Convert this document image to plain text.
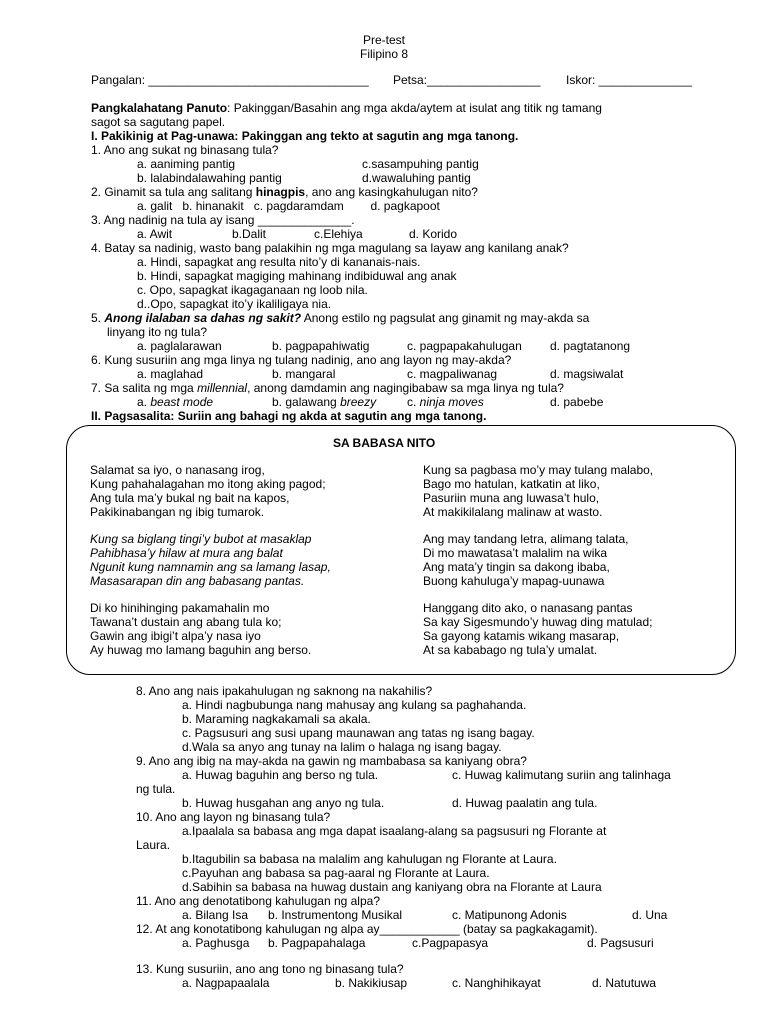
Pre-test
Filipino 8
Pangalan: _________________________________ Petsa:_________________ Iskor: ______________
Pangkalahatang Panuto: Pakinggan/Basahin ang mga akda/aytem at isulat ang titik ng tamang
sagot sa sagutang papel.
I. Pakikinig at Pag-unawa: Pakinggan ang tekto at sagutin ang mga tanong.
1. Ano ang sukat ng binasang tula?
a. aaniming pantig	c.sasampuhing pantig
b. lalabindalawahing pantig	d.wawaluhing pantig
2. Ginamit sa tula ang salitang hinagpis, ano ang kasingkahulugan nito?
a. galit   b. hinanakit   c. pagdaramdam        d. pagkapoot
3. Ang nadinig na tula ay isang ______________.
a. Awit	b.Dalit	c.Elehiya	d. Korido
4. Batay sa nadinig, wasto bang palakihin ng mga magulang sa layaw ang kanilang anak?
a. Hindi, sapagkat ang resulta nito’y di kananais-nais.
b. Hindi, sapagkat magiging mahinang indibiduwal ang anak
c. Opo, sapagkat ikagaganaan ng loob nila.
d..Opo, sapagkat ito’y ikaliligaya nia.
5. Anong ilalaban sa dahas ng sakit? Anong estilo ng pagsulat ang ginamit ng may-akda sa
linyang ito ng tula?
a. paglalarawan	b. pagpapahiwatig	c. pagpapakahulugan d. pagtatanong
6. Kung susuriin ang mga linya ng tulang nadinig, ano ang layon ng may-akda?
a. maglahad	b. mangaral	c. magpaliwanag	d. magsiwalat
7. Sa salita ng mga millennial, anong damdamin ang nagingibabaw sa mga linya ng tula?
a. beast mode	b. galawang breezy	c. ninja moves	d. pabebe
II. Pagsasalita: Suriin ang bahagi ng akda at sagutin ang mga tanong.
SA BABASA NITO
Salamat sa iyo, o nanasang irog,
Kung pahahalagahan mo itong aking pagod;
Ang tula ma’y bukal ng bait na kapos,
Pakikinabangan ng ibig tumarok.
Kung sa biglang tingi’y bubot at masaklap
Pahibhasa’y hilaw at mura ang balat
Ngunit kung namnamin ang sa lamang lasap,
Masasarapan din ang babasang pantas.
Di ko hinihinging pakamahalin mo
Tawana’t dustain ang abang tula ko;
Gawin ang ibigi’t alpa’y nasa iyo
Ay huwag mo lamang baguhin ang berso.
Kung sa pagbasa mo’y may tulang malabo,
Bago mo hatulan, katkatin at liko,
Pasuriin muna ang luwasa’t hulo,
At makikilalang malinaw at wasto.
Ang may tandang letra, alimang talata,
Di mo mawatasa’t malalim na wika
Ang mata’y tingin sa dakong ibaba,
Buong kahuluga’y mapag-uunawa
Hanggang dito ako, o nanasang pantas
Sa kay Sigesmundo’y huwag ding matulad;
Sa gayong katamis wikang masarap,
At sa kababago ng tula’y umalat.
8. Ano ang nais ipakahulugan ng saknong na nakahilis?
a. Hindi nagbubunga nang mahusay ang kulang sa paghahanda.
b. Maraming nagkakamali sa akala.
c. Pagsusuri ang susi upang maunawan ang tatas ng isang bagay.
d.Wala sa anyo ang tunay na lalim o halaga ng isang bagay.
9. Ano ang ibig na may-akda na gawin ng mambabasa sa kaniyang obra?
a. Huwag baguhin ang berso ng tula.	c. Huwag kalimutang suriin ang talinhaga
ng tula.
b. Huwag husgahan ang anyo ng tula.	d. Huwag paalatin ang tula.
10. Ano ang layon ng binasang tula?
a.Ipaalala sa babasa ang mga dapat isaalang-alang sa pagsusuri ng Florante at
Laura.
b.Itagubilin sa babasa na malalim ang kahulugan ng Florante at Laura.
c.Payuhan ang babasa sa pag-aaral ng Florante at Laura.
d.Sabihin sa babasa na huwag dustain ang kaniyang obra na Florante at Laura
11. Ano ang denotatibong kahulugan ng alpa?
a. Bilang Isa b. Instrumentong Musikal	c. Matipunong Adonis	d. Una
12. At ang konotatibong kahulugan ng alpa ay____________ (batay sa pagkakagamit).
a. Paghusga b. Pagpapahalaga	c.Pagpapasya	d. Pagsusuri
13. Kung susuriin, ano ang tono ng binasang tula?
a. Nagpapaalala	b. Nakikiusap	c. Nanghihikayat	d. Natutuwa
